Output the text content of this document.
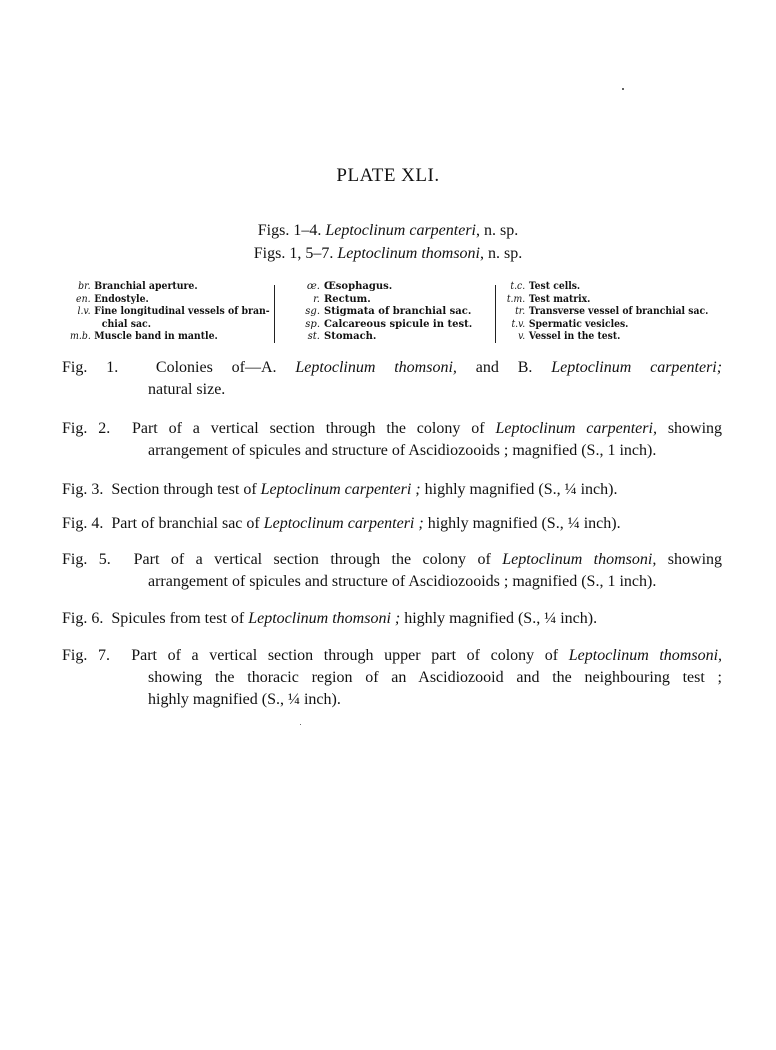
PLATE XLI.
Figs. 1–4. Leptoclinum carpenteri, n. sp.
Figs. 1, 5–7. Leptoclinum thomsoni, n. sp.
br. Branchial aperture.
en. Endostyle.
l.v. Fine longitudinal vessels of bran-
chial sac.
m.b. Muscle band in mantle.
œ. Œsophagus.
r. Rectum.
sg. Stigmata of branchial sac.
sp. Calcareous spicule in test.
st. Stomach.
t.c. Test cells.
t.m. Test matrix.
tr. Transverse vessel of branchial sac.
t.v. Spermatic vesicles.
v. Vessel in the test.
Fig. 1. Colonies of—A. Leptoclinum thomsoni, and B. Leptoclinum carpenteri;
natural size.
Fig. 2. Part of a vertical section through the colony of Leptoclinum carpenteri, showing
arrangement of spicules and structure of Ascidiozooids ; magnified (S., 1 inch).
Fig. 3. Section through test of Leptoclinum carpenteri ; highly magnified (S., ¼ inch).
Fig. 4. Part of branchial sac of Leptoclinum carpenteri ; highly magnified (S., ¼ inch).
Fig. 5. Part of a vertical section through the colony of Leptoclinum thomsoni, showing
arrangement of spicules and structure of Ascidiozooids ; magnified (S., 1 inch).
Fig. 6. Spicules from test of Leptoclinum thomsoni ; highly magnified (S., ¼ inch).
Fig. 7. Part of a vertical section through upper part of colony of Leptoclinum thomsoni,
showing the thoracic region of an Ascidiozooid and the neighbouring test ;
highly magnified (S., ¼ inch).
